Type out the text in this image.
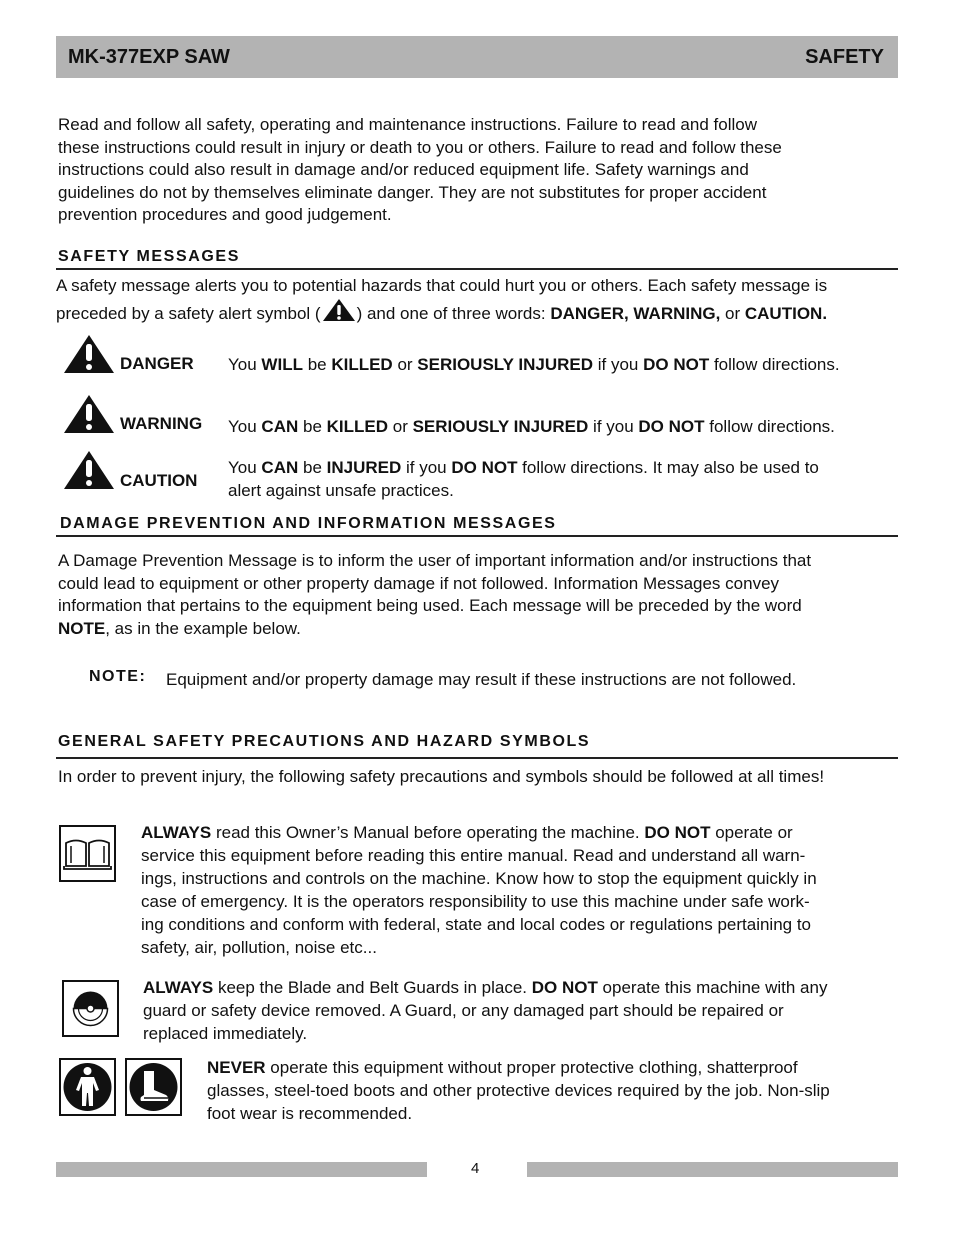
MK-377EXP SAW	SAFETY
Read and follow all safety, operating and maintenance instructions. Failure to read and follow
these instructions could result in injury or death to you or others. Failure to read and follow these
instructions could also result in damage and/or reduced equipment life. Safety warnings and
guidelines do not by themselves eliminate danger. They are not substitutes for proper accident
prevention procedures and good judgement.
SAFETY MESSAGES
A safety message alerts you to potential hazards that could hurt you or others. Each safety message is
preceded by a safety alert symbol ( ) and one of three words: DANGER, WARNING, or CAUTION.
DANGER You WILL be KILLED or SERIOUSLY INJURED if you DO NOT follow directions.
WARNING You CAN be KILLED or SERIOUSLY INJURED if you DO NOT follow directions.
CAUTION
You CAN be INJURED if you DO NOT follow directions. It may also be used to
alert against unsafe practices.
DAMAGE PREVENTION AND INFORMATION MESSAGES
A Damage Prevention Message is to inform the user of important information and/or instructions that
could lead to equipment or other property damage if not followed. Information Messages convey
information that pertains to the equipment being used. Each message will be preceded by the word
NOTE, as in the example below.
NOTE: Equipment and/or property damage may result if these instructions are not followed.
GENERAL SAFETY PRECAUTIONS AND HAZARD SYMBOLS
In order to prevent injury, the following safety precautions and symbols should be followed at all times!
ALWAYS read this Owner’s Manual before operating the machine. DO NOT operate or
service this equipment before reading this entire manual. Read and understand all warn-
ings, instructions and controls on the machine. Know how to stop the equipment quickly in
case of emergency. It is the operators responsibility to use this machine under safe work-
ing conditions and conform with federal, state and local codes or regulations pertaining to
safety, air, pollution, noise etc...
ALWAYS keep the Blade and Belt Guards in place. DO NOT operate this machine with any
guard or safety device removed. A Guard, or any damaged part should be repaired or
replaced immediately.
NEVER operate this equipment without proper protective clothing, shatterproof
glasses, steel-toed boots and other protective devices required by the job. Non-slip
foot wear is recommended.
4
